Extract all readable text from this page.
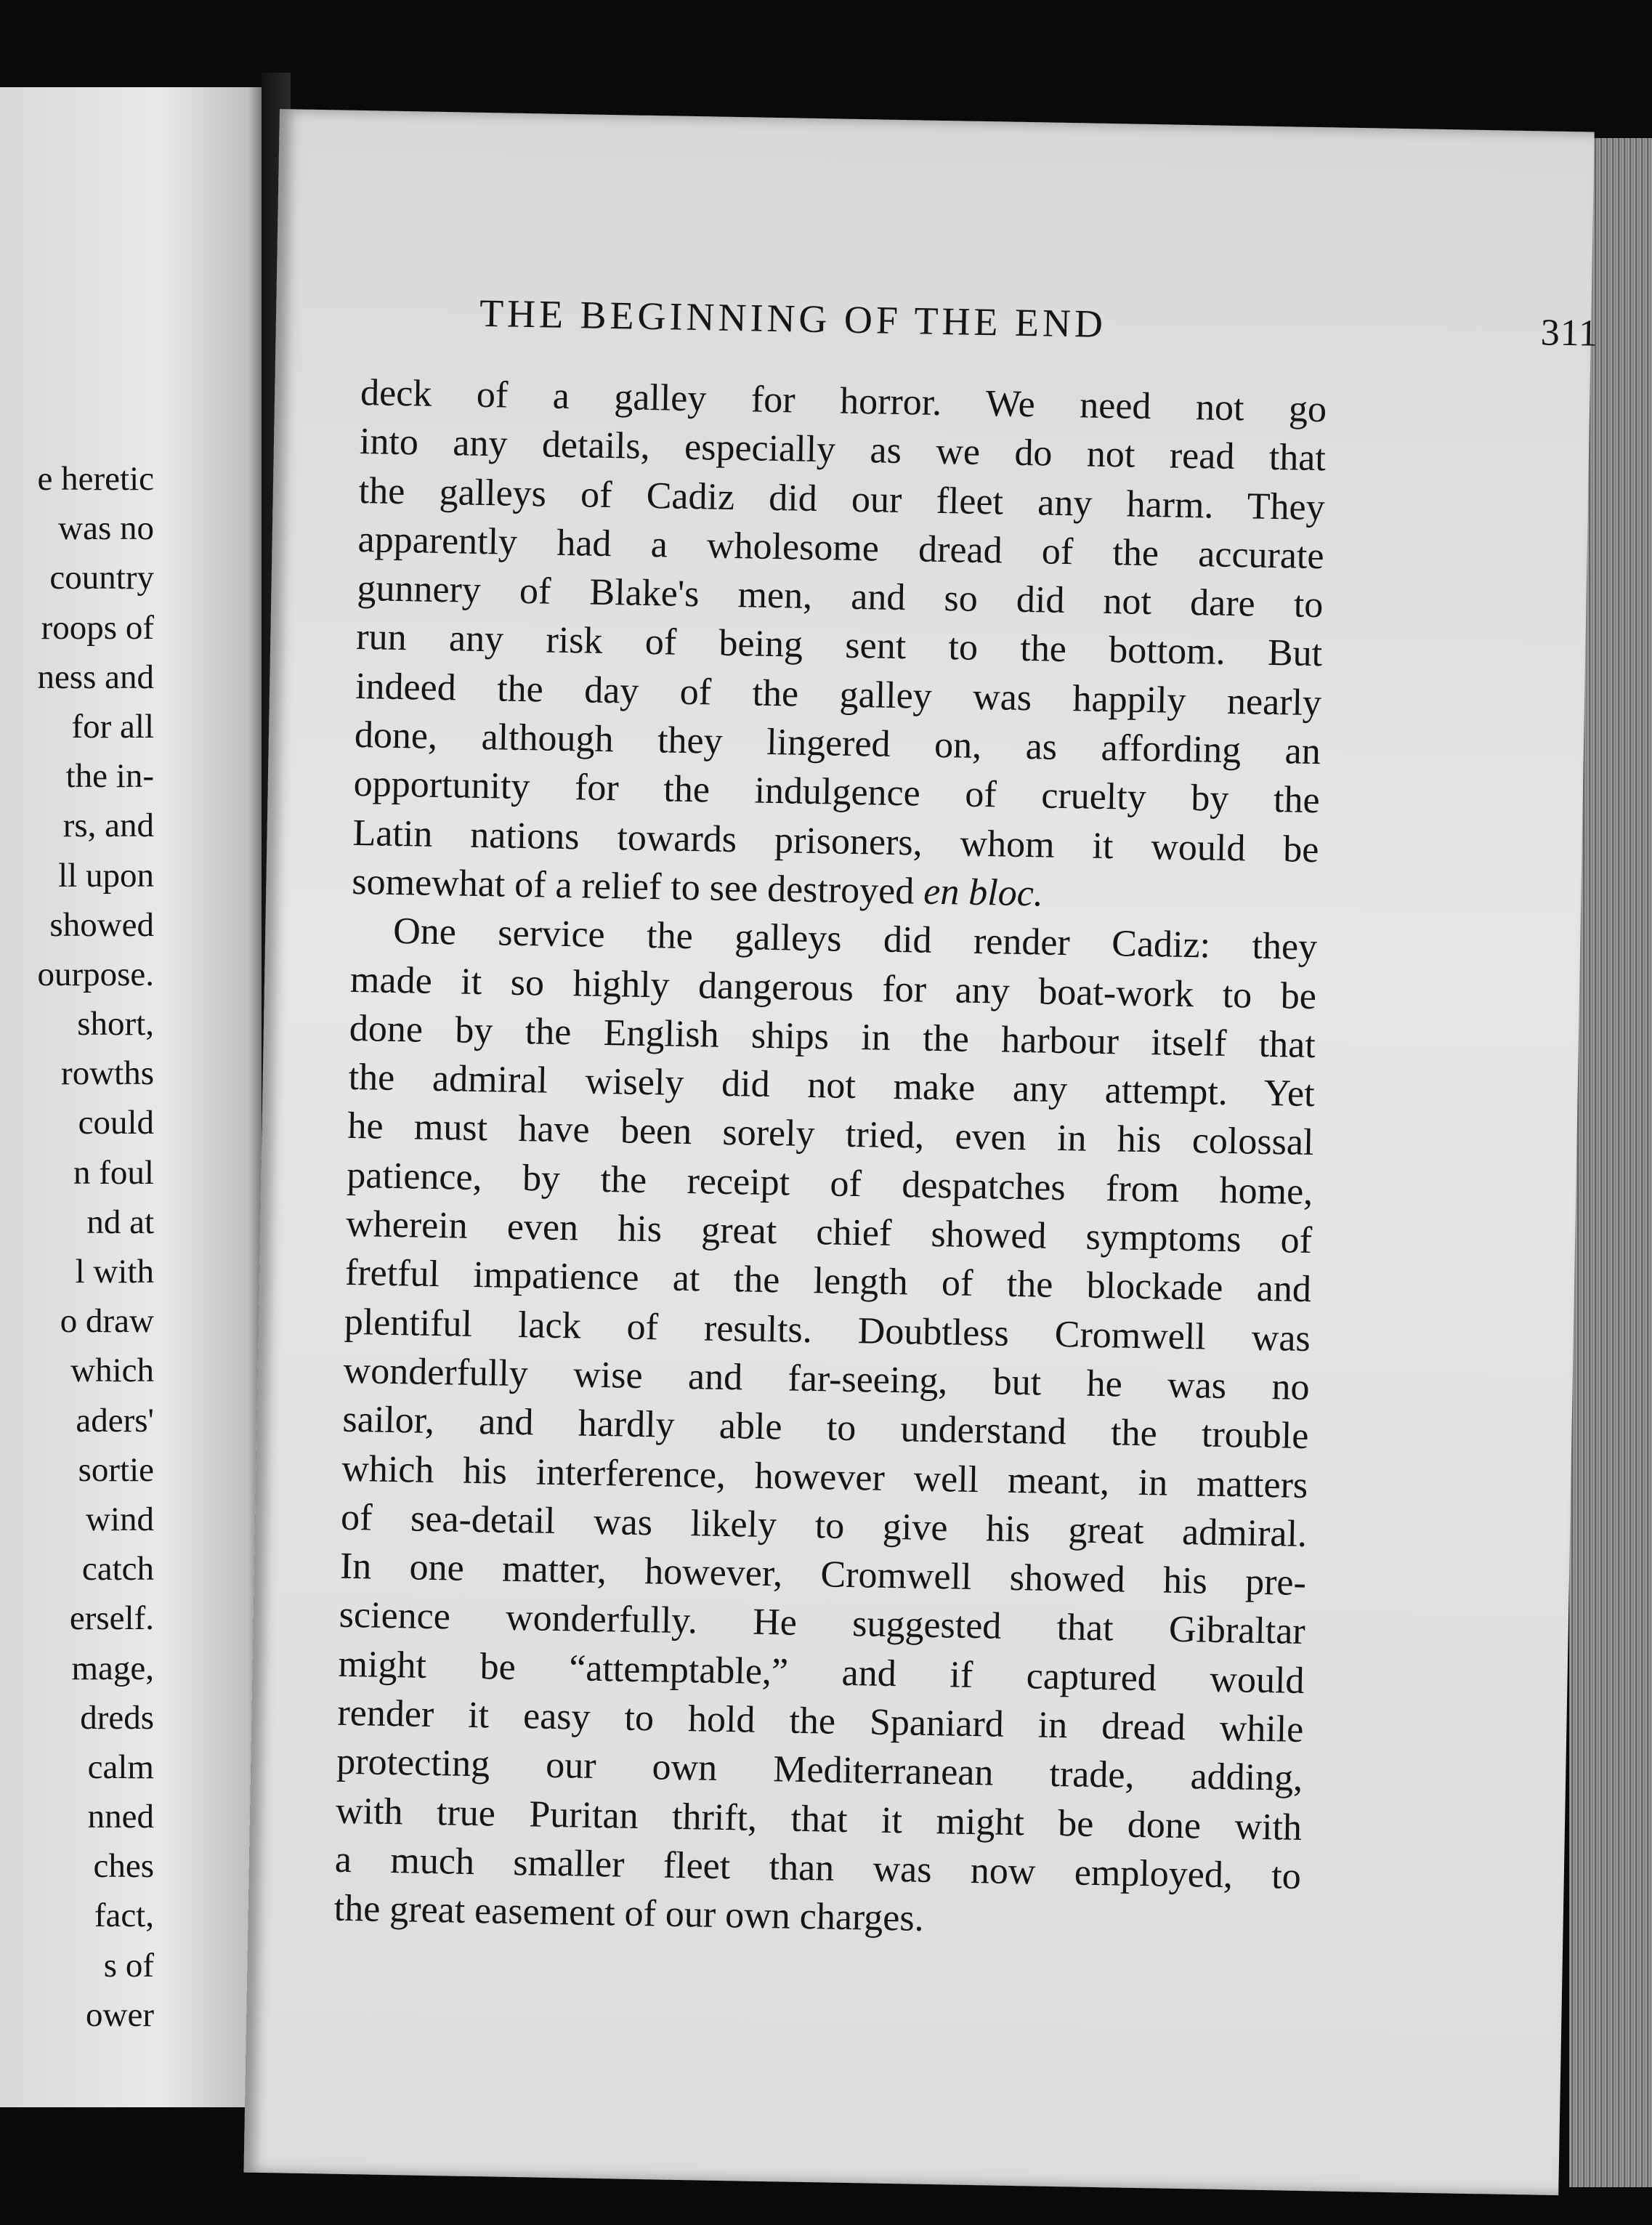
e heretic
was no
country
roops of
ness and
for all
the in-
rs, and
ll upon
showed
ourpose.
short,
rowths
could
n foul
nd at
l with
o draw
which
aders'
sortie
wind
catch
erself.
mage,
dreds
calm
nned
ches
fact,
s of
ower
THE BEGINNING OF THE END	311
deck of a galley for horror. We need not go
into any details, especially as we do not read that
the galleys of Cadiz did our fleet any harm. They
apparently had a wholesome dread of the accurate
gunnery of Blake's men, and so did not dare to
run any risk of being sent to the bottom. But
indeed the day of the galley was happily nearly
done, although they lingered on, as affording an
opportunity for the indulgence of cruelty by the
Latin nations towards prisoners, whom it would be
somewhat of a relief to see destroyed en bloc.
One service the galleys did render Cadiz: they
made it so highly dangerous for any boat-work to be
done by the English ships in the harbour itself that
the admiral wisely did not make any attempt. Yet
he must have been sorely tried, even in his colossal
patience, by the receipt of despatches from home,
wherein even his great chief showed symptoms of
fretful impatience at the length of the blockade and
plentiful lack of results. Doubtless Cromwell was
wonderfully wise and far-seeing, but he was no
sailor, and hardly able to understand the trouble
which his interference, however well meant, in matters
of sea-detail was likely to give his great admiral.
In one matter, however, Cromwell showed his pre-
science wonderfully. He suggested that Gibraltar
might be “attemptable,” and if captured would
render it easy to hold the Spaniard in dread while
protecting our own Mediterranean trade, adding,
with true Puritan thrift, that it might be done with
a much smaller fleet than was now employed, to
the great easement of our own charges.
